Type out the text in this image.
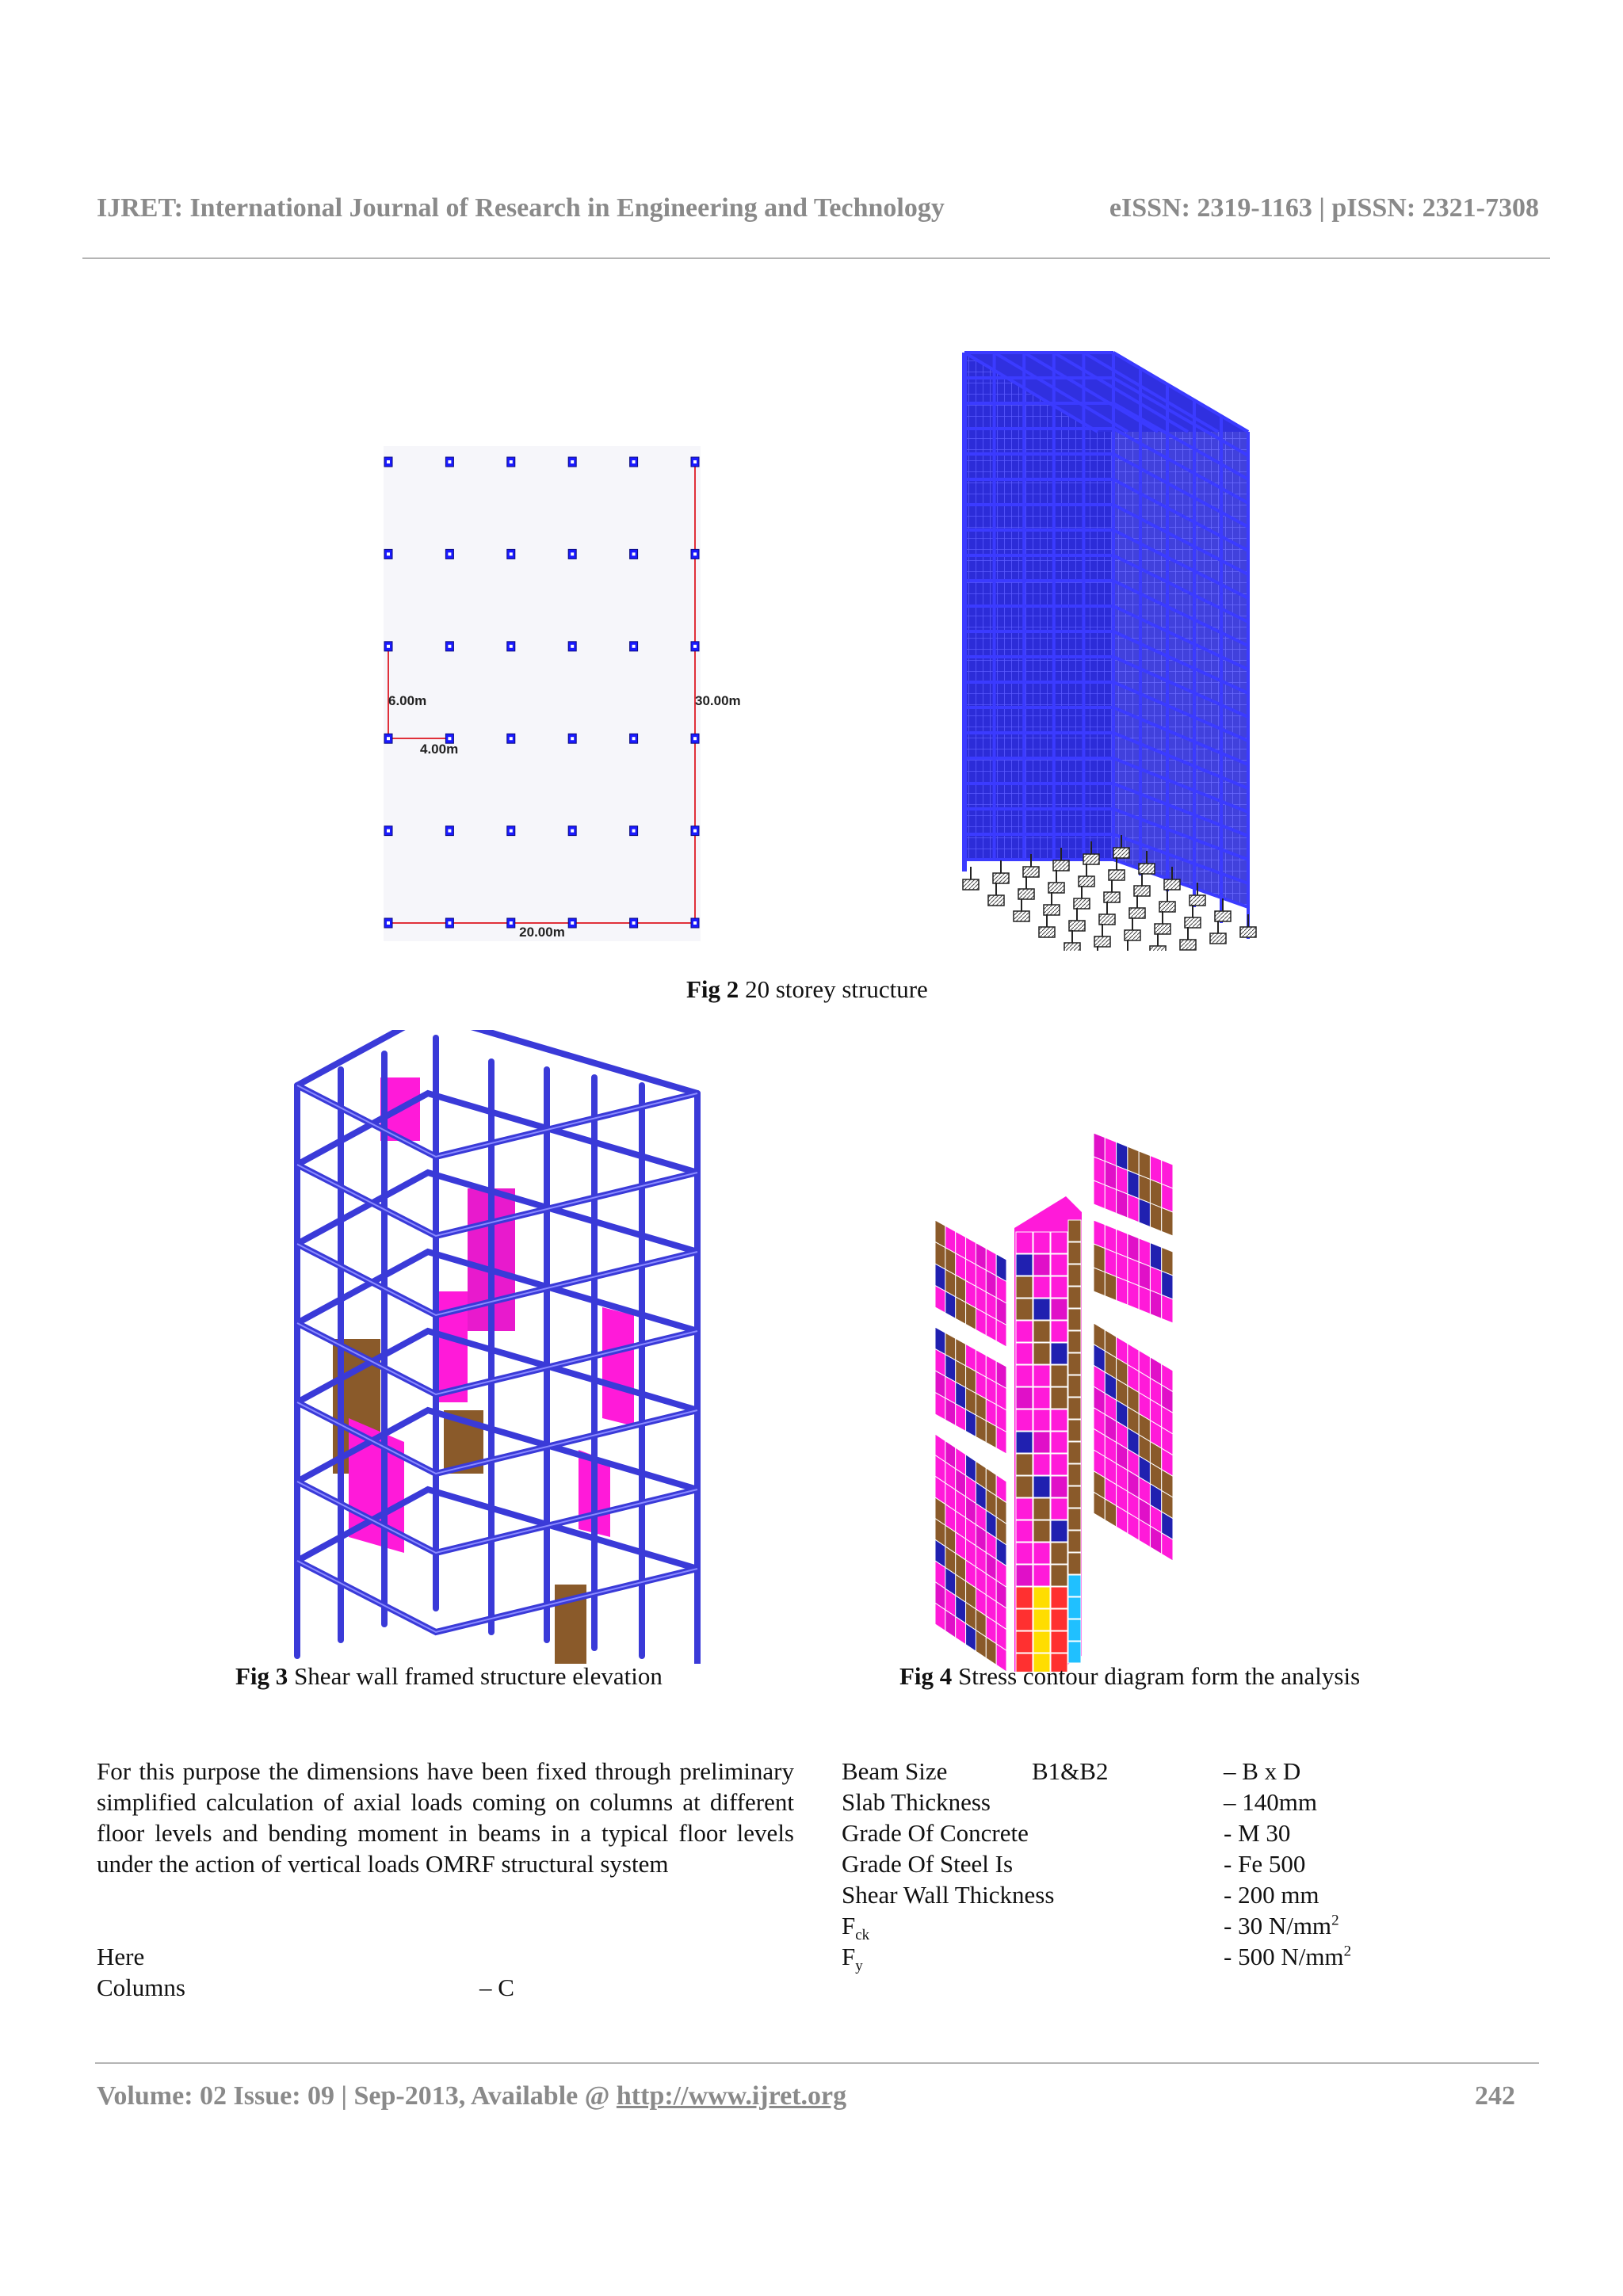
IJRET: International Journal of Research in Engineering and Technology	eISSN: 2319-1163 | pISSN: 2321-7308
6.00m
4.00m
30.00m
20.00m
Fig 2 20 storey structure
Fig 3 Shear wall framed structure elevation	Fig 4 Stress contour diagram form the analysis
For this purpose the dimensions have been fixed through preliminary simplified calculation of axial loads coming on columns at different floor levels and bending moment in beams in a typical floor levels under the action of vertical loads OMRF structural system
Here
Columns	– C
Beam Size	B1&B2	– B x D
Slab Thickness	– 140mm
Grade Of Concrete	- M 30
Grade Of Steel Is	- Fe 500
Shear Wall Thickness	- 200 mm
$F_{ck}$	- 30 $N/mm^2$
$F_y$	- 500 $N/mm^2$
Volume: 02 Issue: 09 | Sep-2013, Available @ http://www.ijret.org	242
